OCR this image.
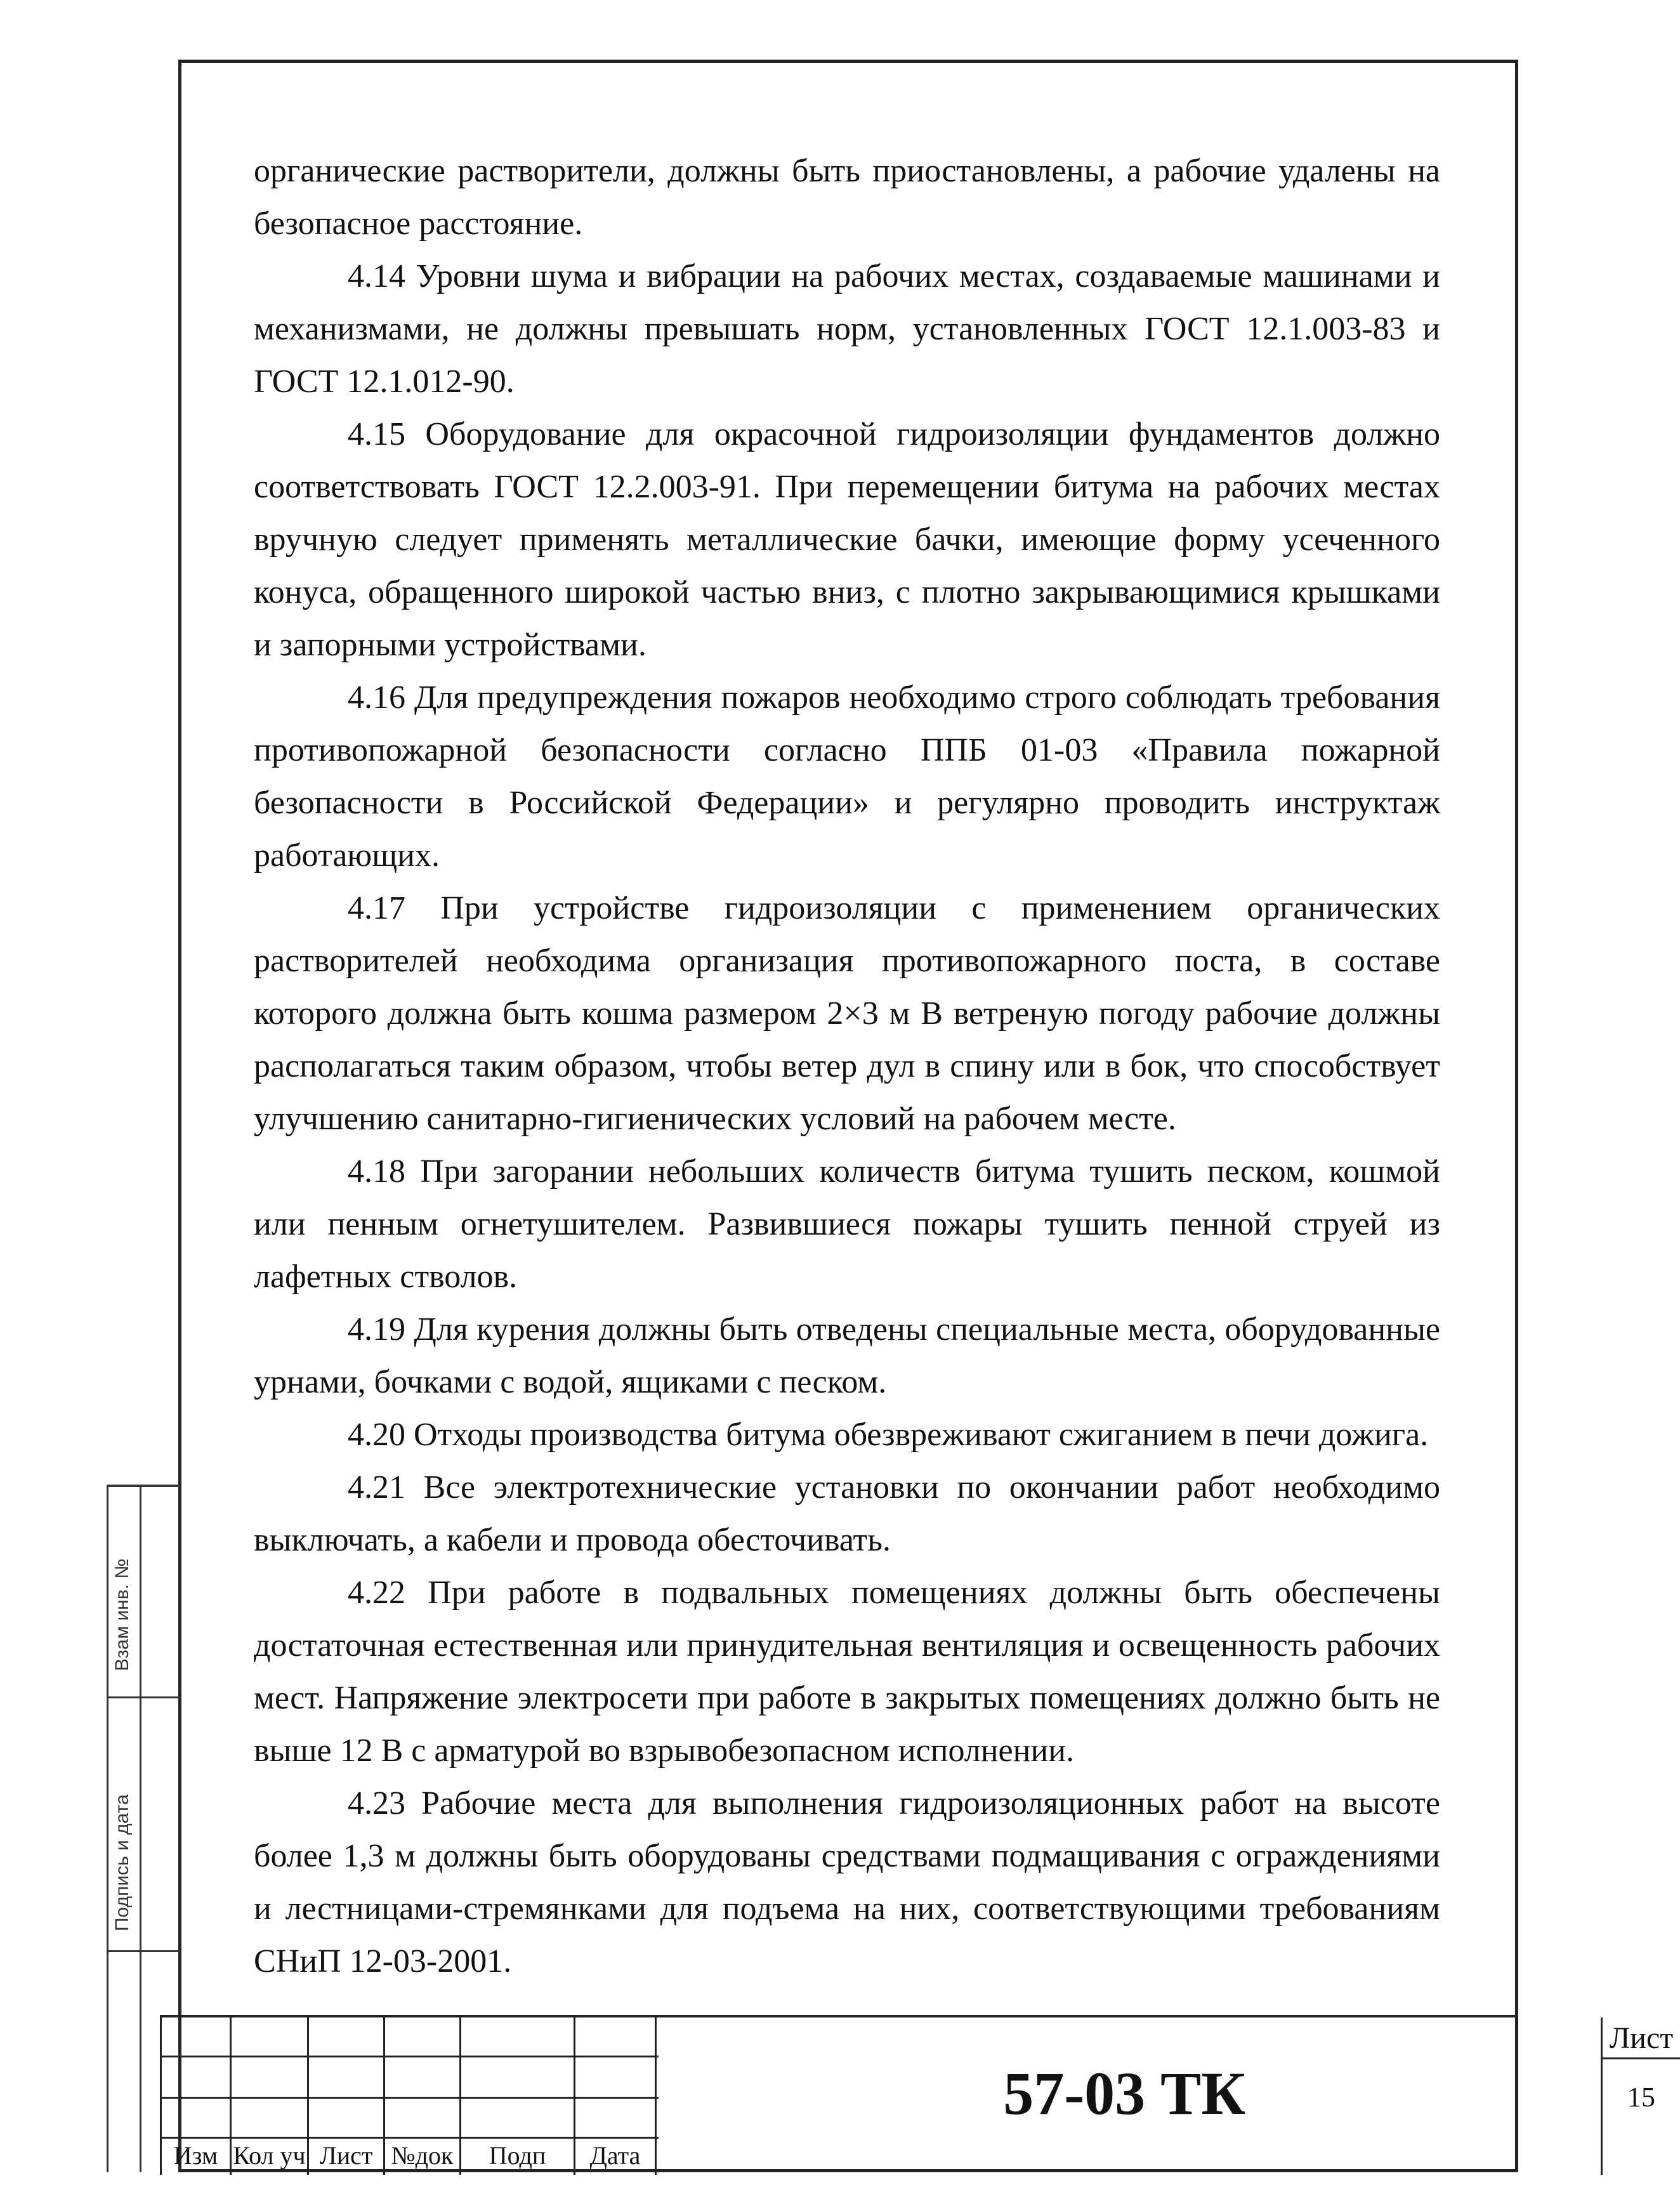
органические растворители, должны быть приостановлены, а рабочие удалены на безопасное расстояние.

4.14 Уровни шума и вибрации на рабочих местах, создаваемые машинами и механизмами, не должны превышать норм, установленных ГОСТ 12.1.003-83 и ГОСТ 12.1.012-90.

4.15 Оборудование для окрасочной гидроизоляции фундаментов должно соответствовать ГОСТ 12.2.003-91. При перемещении битума на рабочих местах вручную следует применять металлические бачки, имеющие форму усеченного конуса, обращенного широкой частью вниз, с плотно закрывающимися крышками и запорными устройствами.

4.16 Для предупреждения пожаров необходимо строго соблюдать требования противопожарной безопасности согласно ППБ 01-03 «Правила пожарной безопасности в Российской Федерации» и регулярно проводить инструктаж работающих.

4.17 При устройстве гидроизоляции с применением органических растворителей необходима организация противопожарного поста, в составе которого должна быть кошма размером 2×3 м В ветреную погоду рабочие должны располагаться таким образом, чтобы ветер дул в спину или в бок, что способствует улучшению санитарно-гигиенических условий на рабочем месте.

4.18 При загорании небольших количеств битума тушить песком, кошмой или пенным огнетушителем. Развившиеся пожары тушить пенной струей из лафетных стволов.

4.19 Для курения должны быть отведены специальные места, оборудованные урнами, бочками с водой, ящиками с песком.

4.20 Отходы производства битума обезвреживают сжиганием в печи дожига.

4.21 Все электротехнические установки по окончании работ необходимо выключать, а кабели и провода обесточивать.

4.22 При работе в подвальных помещениях должны быть обеспечены достаточная естественная или принудительная вентиляция и освещенность рабочих мест. Напряжение электросети при работе в закрытых помещениях должно быть не выше 12 В с арматурой во взрывобезопасном исполнении.

4.23 Рабочие места для выполнения гидроизоляционных работ на высоте более 1,3 м должны быть оборудованы средствами подмащивания с ограждениями и лестницами-стремянками для подъема на них, соответствующими требованиям СНиП 12-03-2001.

Взам инв. №
Подпись и дата
Изм Кол уч Лист №док	Подп	Дата
57-03 ТК
Лист
15
